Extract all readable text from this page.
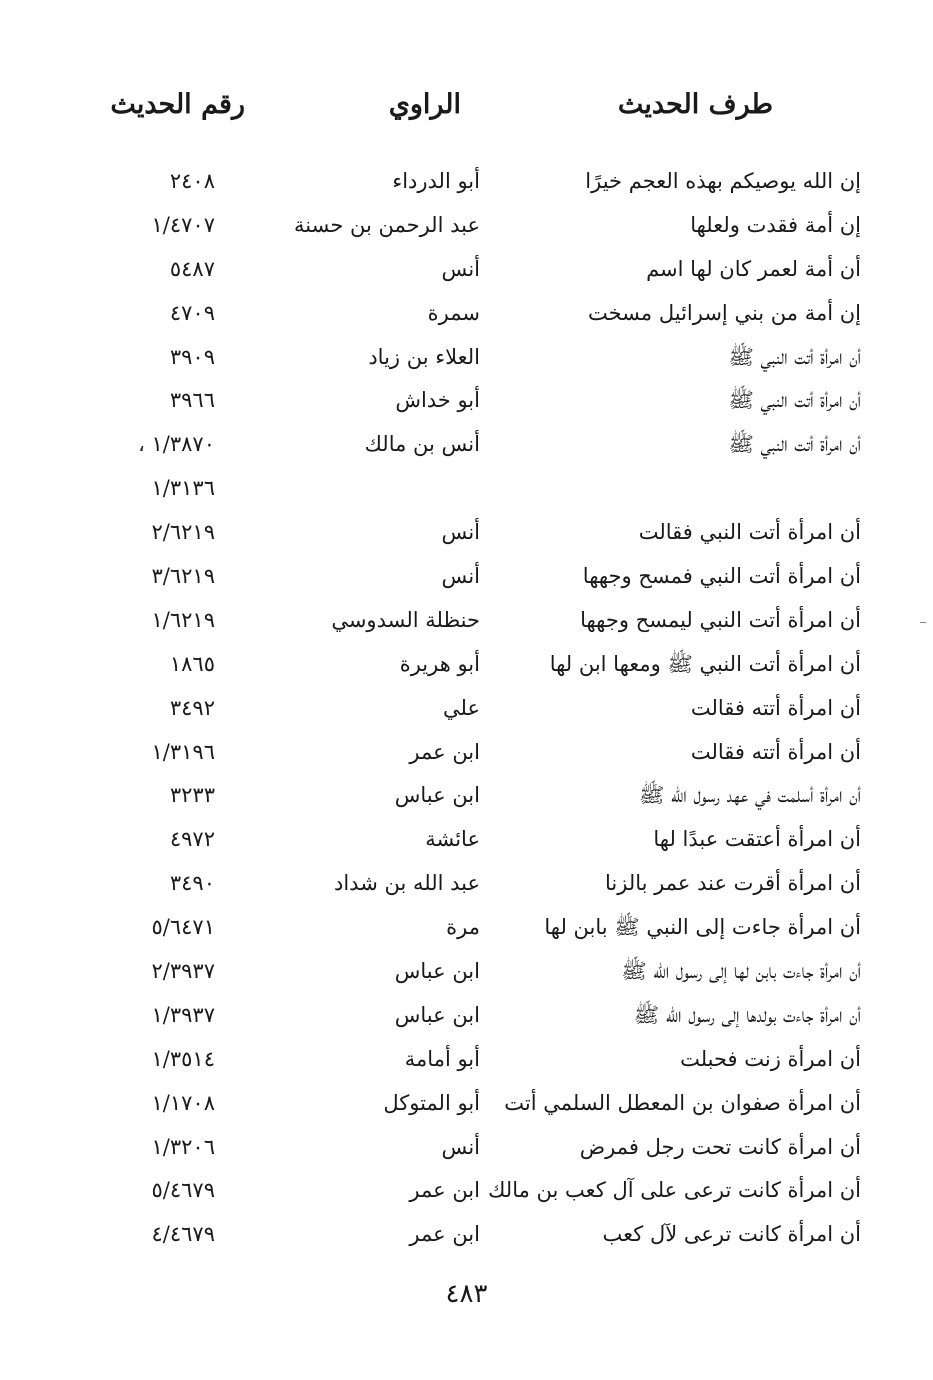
طرف الحديث
الراوي
رقم الحديث
إن الله يوصيكم بهذه العجم خيرًا
أبو الدرداء
٢٤٠٨
إن أمة فقدت ولعلها
عبد الرحمن بن حسنة
١/٤٧٠٧
أن أمة لعمر كان لها اسم
أنس
٥٤٨٧
إن أمة من بني إسرائيل مسخت
سمرة
٤٧٠٩
أن امرأة أتت النبي ﷺ
العلاء بن زياد
٣٩٠٩
أن امرأة أتت النبي ﷺ
أبو خداش
٣٩٦٦
أن امرأة أتت النبي ﷺ
أنس بن مالك
١/٣٨٧٠ ،
١/٣١٣٦
أن امرأة أتت النبي فقالت
أنس
٢/٦٢١٩
أن امرأة أتت النبي فمسح وجهها
أنس
٣/٦٢١٩
أن امرأة أتت النبي ليمسح وجهها
حنظلة السدوسي
١/٦٢١٩
أن امرأة أتت النبي ﷺ ومعها ابن لها
أبو هريرة
١٨٦٥
أن امرأة أتته فقالت
علي
٣٤٩٢
أن امرأة أتته فقالت
ابن عمر
١/٣١٩٦
أن امرأة أسلمت في عهد رسول الله ﷺ
ابن عباس
٣٢٣٣
أن امرأة أعتقت عبدًا لها
عائشة
٤٩٧٢
أن امرأة أقرت عند عمر بالزنا
عبد الله بن شداد
٣٤٩٠
أن امرأة جاءت إلى النبي ﷺ بابن لها
مرة
٥/٦٤٧١
أن امرأة جاءت بابن لها إلى رسول الله ﷺ
ابن عباس
٢/٣٩٣٧
أن امرأة جاءت بولدها إلى رسول الله ﷺ
ابن عباس
١/٣٩٣٧
أن امرأة زنت فحبلت
أبو أمامة
١/٣٥١٤
أن امرأة صفوان بن المعطل السلمي أتت
أبو المتوكل
١/١٧٠٨
أن امرأة كانت تحت رجل فمرض
أنس
١/٣٢٠٦
أن امرأة كانت ترعى على آل كعب بن مالك
ابن عمر
٥/٤٦٧٩
أن امرأة كانت ترعى لآل كعب
ابن عمر
٤/٤٦٧٩
٤٨٣
